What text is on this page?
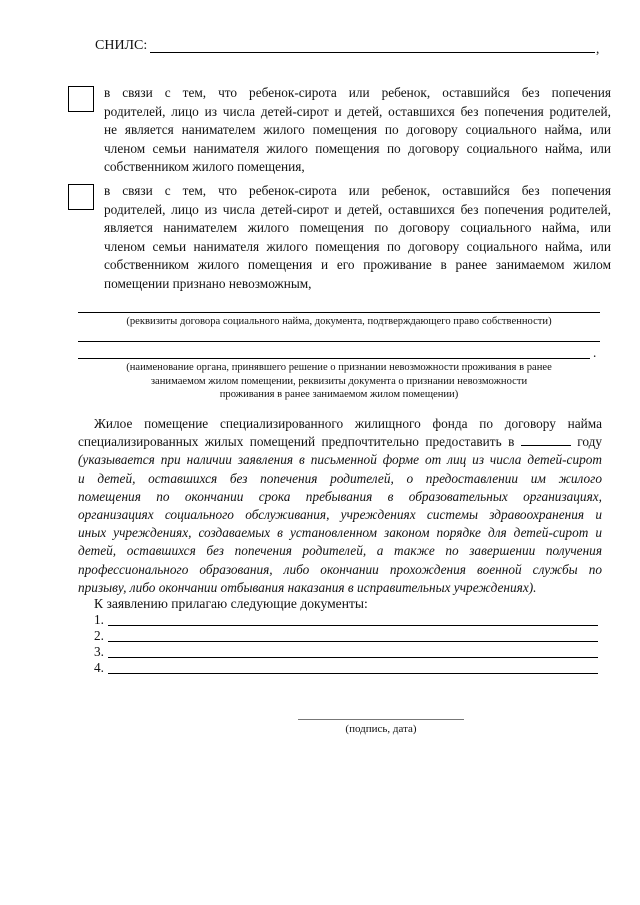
СНИЛС:	,
в связи с тем, что ребенок-сирота или ребенок, оставшийся без попечения
родителей, лицо из числа детей-сирот и детей, оставшихся без попечения родителей,
не является нанимателем жилого помещения по договору социального найма, или
членом семьи нанимателя жилого помещения по договору социального найма, или
собственником жилого помещения,
в связи с тем, что ребенок-сирота или ребенок, оставшийся без попечения
родителей, лицо из числа детей-сирот и детей, оставшихся без попечения родителей,
является нанимателем жилого помещения по договору социального найма, или
членом семьи нанимателя жилого помещения по договору социального найма, или
собственником жилого помещения и его проживание в ранее занимаемом жилом
помещении признано невозможным,
(реквизиты договора социального найма, документа, подтверждающего право собственности)
.
(наименование органа, принявшего решение о признании невозможности проживания в ранее
занимаемом жилом помещении, реквизиты документа о признании невозможности
проживания в ранее занимаемом жилом помещении)
Жилое помещение специализированного жилищного фонда по договору найма
специализированных жилых помещений предпочтительно предоставить в	году
(указывается при наличии заявления в письменной форме от лиц из числа детей-сирот
и детей, оставшихся без попечения родителей, о предоставлении им жилого
помещения по окончании срока пребывания в образовательных организациях,
организациях социального обслуживания, учреждениях системы здравоохранения и
иных учреждениях, создаваемых в установленном законом порядке для детей-сирот и
детей, оставшихся без попечения родителей, а также по завершении получения
профессионального образования, либо окончании прохождения военной службы по
призыву, либо окончании отбывания наказания в исправительных учреждениях).
К заявлению прилагаю следующие документы:
1.
2.
3.
4.
(подпись, дата)
